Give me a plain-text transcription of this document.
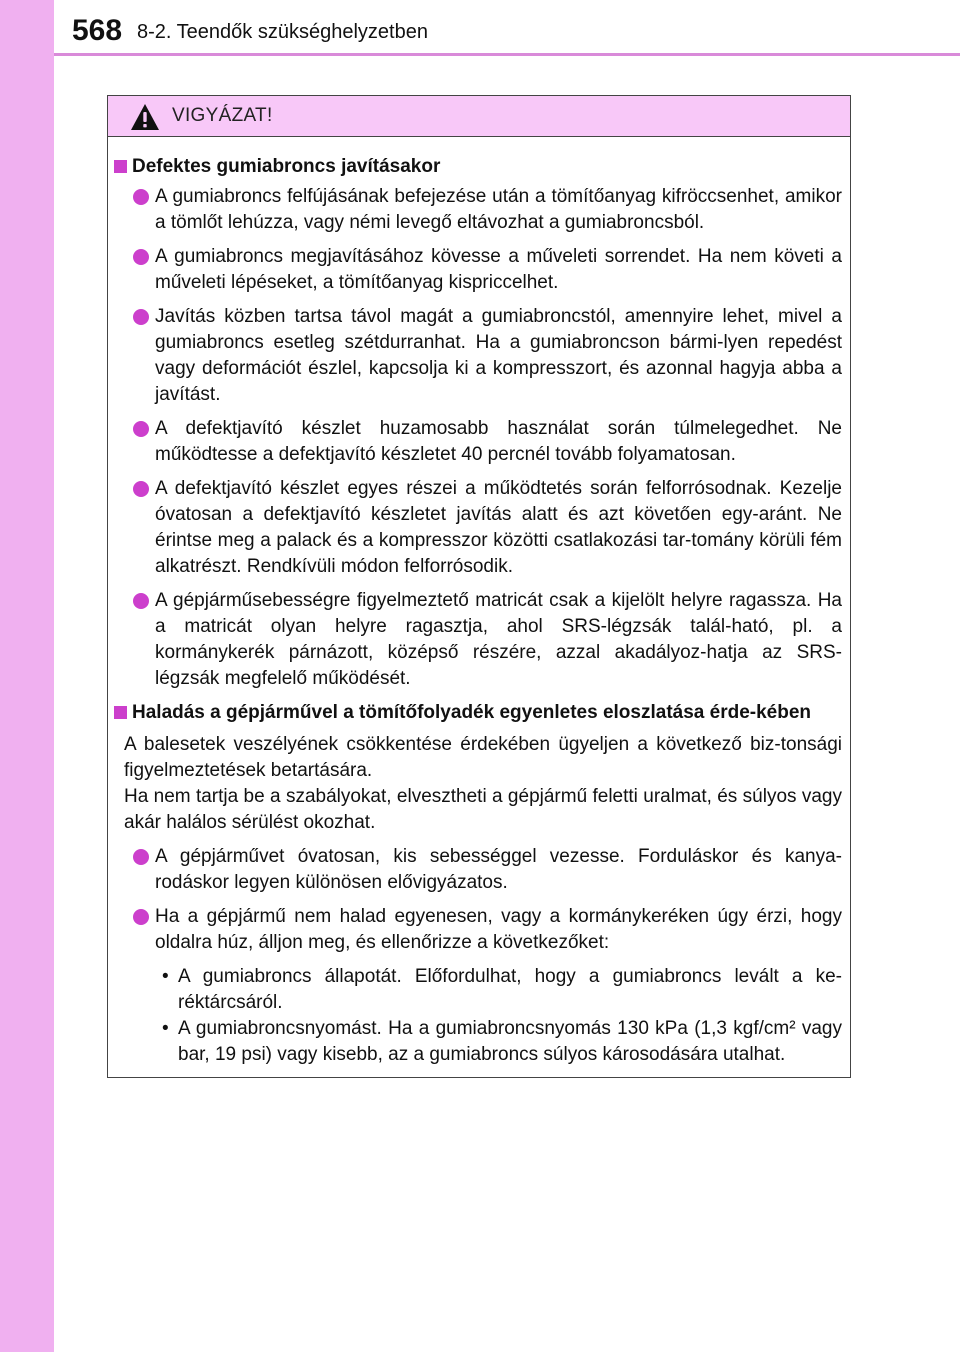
568 8-2. Teendők szükséghelyzetben
VIGYÁZAT!
Defektes gumiabroncs javításakor
A gumiabroncs felfújásának befejezése után a tömítőanyag kifröccsenhet, amikor a tömlőt lehúzza, vagy némi levegő eltávozhat a gumiabroncsból.
A gumiabroncs megjavításához kövesse a műveleti sorrendet. Ha nem követi a műveleti lépéseket, a tömítőanyag kispriccelhet.
Javítás közben tartsa távol magát a gumiabroncstól, amennyire lehet, mivel a gumiabroncs esetleg szétdurranhat. Ha a gumiabroncson bármi-lyen repedést vagy deformációt észlel, kapcsolja ki a kompresszort, és azonnal hagyja abba a javítást.
A defektjavító készlet huzamosabb használat során túlmelegedhet. Ne működtesse a defektjavító készletet 40 percnél tovább folyamatosan.
A defektjavító készlet egyes részei a működtetés során felforrósodnak. Kezelje óvatosan a defektjavító készletet javítás alatt és azt követően egy-aránt. Ne érintse meg a palack és a kompresszor közötti csatlakozási tar-tomány körüli fém alkatrészt. Rendkívüli módon felforrósodik.
A gépjárműsebességre figyelmeztető matricát csak a kijelölt helyre ragassza. Ha a matricát olyan helyre ragasztja, ahol SRS-légzsák talál-ható, pl. a kormánykerék párnázott, középső részére, azzal akadályoz-hatja az SRS-légzsák megfelelő működését.
Haladás a gépjárművel a tömítőfolyadék egyenletes eloszlatása érde-kében
A balesetek veszélyének csökkentése érdekében ügyeljen a következő biz-tonsági figyelmeztetések betartására.
Ha nem tartja be a szabályokat, elvesztheti a gépjármű feletti uralmat, és súlyos vagy akár halálos sérülést okozhat.
A gépjárművet óvatosan, kis sebességgel vezesse. Forduláskor és kanya-rodáskor legyen különösen elővigyázatos.
Ha a gépjármű nem halad egyenesen, vagy a kormánykeréken úgy érzi, hogy oldalra húz, álljon meg, és ellenőrizze a következőket:
• A gumiabroncs állapotát. Előfordulhat, hogy a gumiabroncs levált a ke-réktárcsáról.
• A gumiabroncsnyomást. Ha a gumiabroncsnyomás 130 kPa (1,3 kgf/cm² vagy bar, 19 psi) vagy kisebb, az a gumiabroncs súlyos károsodására utalhat.
